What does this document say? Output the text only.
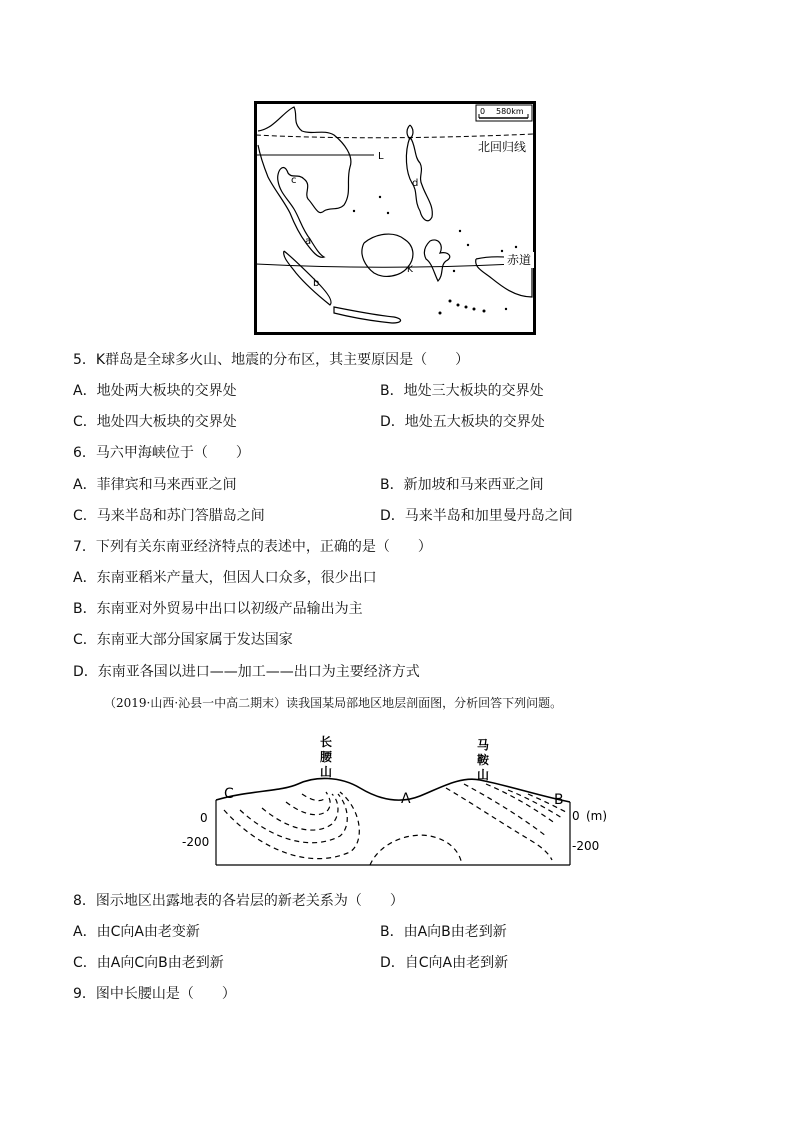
0 580km
L
K
a
b
c	d
北回归线
赤道
5．K群岛是全球多火山、地震的分布区，其主要原因是（　　）
A．地处两大板块的交界处	B．地处三大板块的交界处
C．地处四大板块的交界处	D．地处五大板块的交界处
6．马六甲海峡位于（　　）
A．菲律宾和马来西亚之间	B．新加坡和马来西亚之间
C．马来半岛和苏门答腊岛之间	D．马来半岛和加里曼丹岛之间
7．下列有关东南亚经济特点的表述中，正确的是（　　）
A．东南亚稻米产量大，但因人口众多，很少出口
B．东南亚对外贸易中出口以初级产品输出为主
C．东南亚大部分国家属于发达国家
D．东南亚各国以进口——加工——出口为主要经济方式
（2019·山西·沁县一中高二期末）读我国某局部地区地层剖面图，分析回答下列问题。
长
腰
山
马
鞍
山
C	A	B
0
-200
0 (m)
-200
8．图示地区出露地表的各岩层的新老关系为（　　）
A．由C向A由老变新	B．由A向B由老到新
C．由A向C向B由老到新	D．自C向A由老到新
9．图中长腰山是（　　）
